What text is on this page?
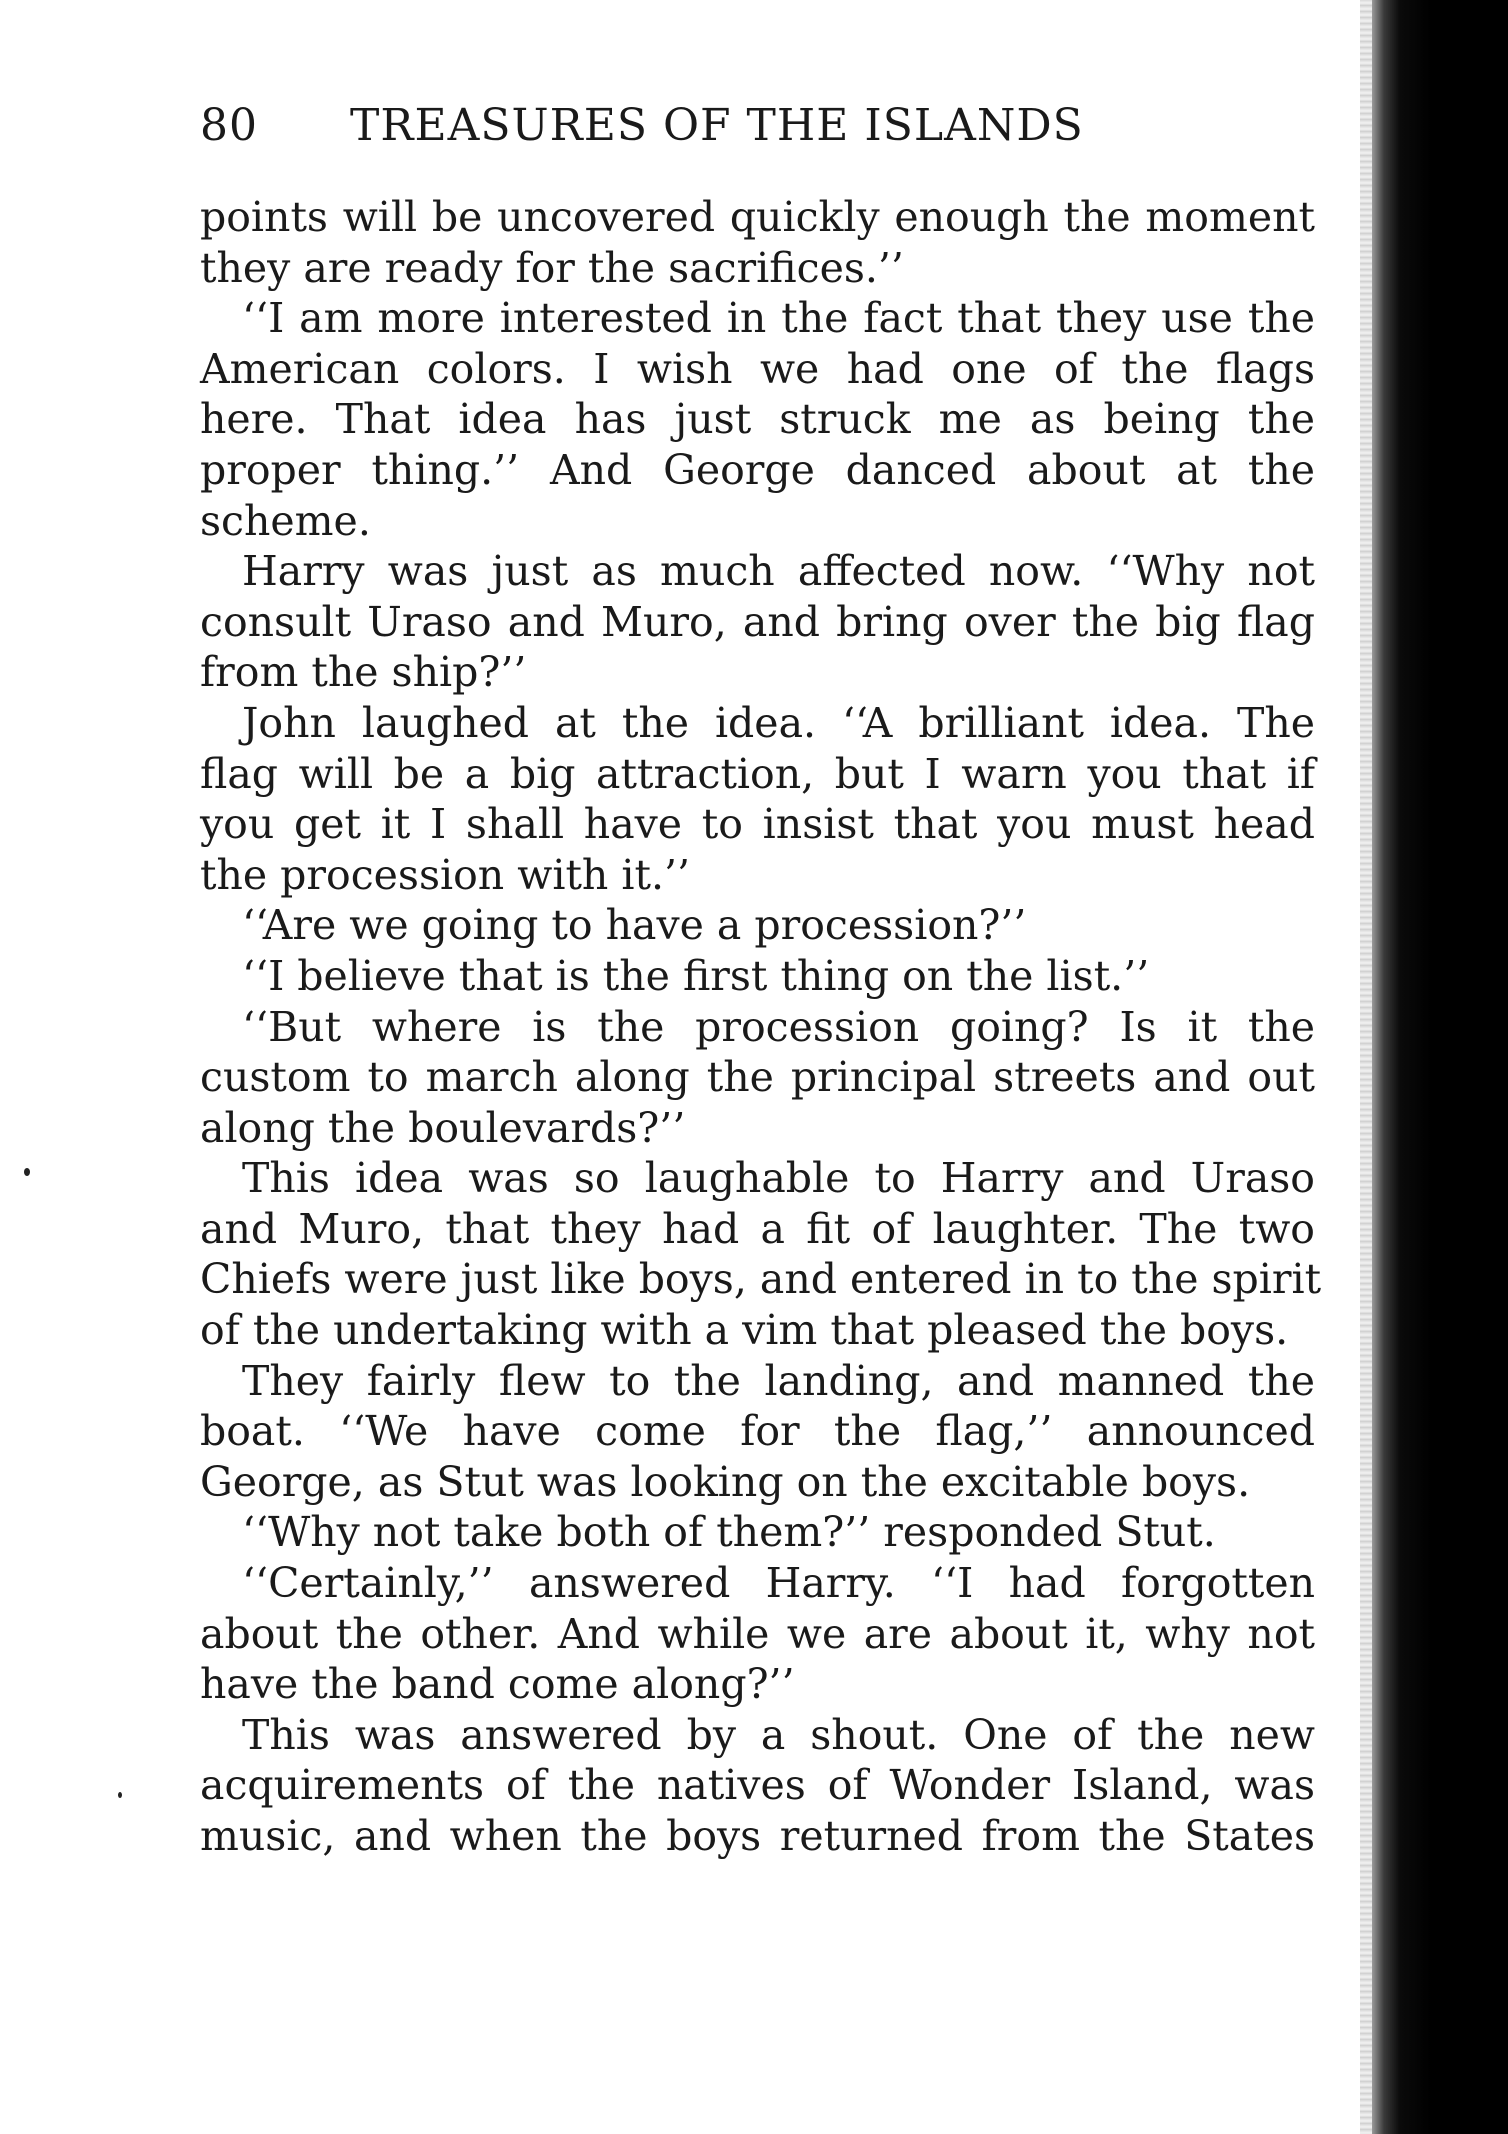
80 TREASURES OF THE ISLANDS
points will be uncovered quickly enough the moment
they are ready for the sacrifices.’’
‘‘I am more interested in the fact that they use the
American colors. I wish we had one of the flags
here. That idea has just struck me as being the
proper thing.’’ And George danced about at the
scheme.
Harry was just as much affected now. ‘‘Why not
consult Uraso and Muro, and bring over the big flag
from the ship?’’
John laughed at the idea. ‘‘A brilliant idea. The
flag will be a big attraction, but I warn you that if
you get it I shall have to insist that you must head
the procession with it.’’
‘‘Are we going to have a procession?’’
‘‘I believe that is the first thing on the list.’’
‘‘But where is the procession going? Is it the
custom to march along the principal streets and out
along the boulevards?’’
This idea was so laughable to Harry and Uraso
and Muro, that they had a fit of laughter. The two
Chiefs were just like boys, and entered in to the spirit
of the undertaking with a vim that pleased the boys.
They fairly flew to the landing, and manned the
boat. ‘‘We have come for the flag,’’ announced
George, as Stut was looking on the excitable boys.
‘‘Why not take both of them?’’ responded Stut.
‘‘Certainly,’’ answered Harry. ‘‘I had forgotten
about the other. And while we are about it, why not
have the band come along?’’
This was answered by a shout. One of the new
acquirements of the natives of Wonder Island, was
music, and when the boys returned from the States
